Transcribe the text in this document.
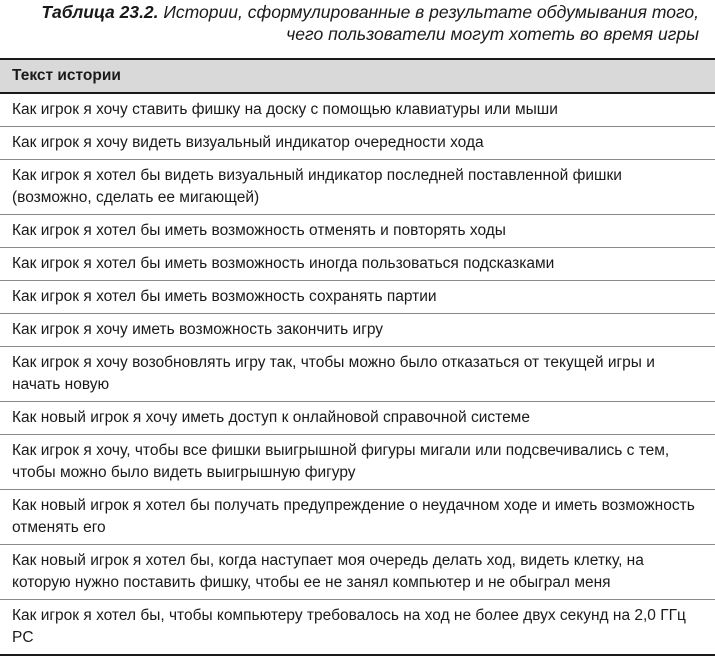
Таблица 23.2. Истории, сформулированные в результате обдумывания того,
чего пользователи могут хотеть во время игры
Текст истории
Как игрок я хочу ставить фишку на доску с помощью клавиатуры или мыши
Как игрок я хочу видеть визуальный индикатор очередности хода
Как игрок я хотел бы видеть визуальный индикатор последней поставленной фишки (возможно, сделать ее мигающей)
Как игрок я хотел бы иметь возможность отменять и повторять ходы
Как игрок я хотел бы иметь возможность иногда пользоваться подсказками
Как игрок я хотел бы иметь возможность сохранять партии
Как игрок я хочу иметь возможность закончить игру
Как игрок я хочу возобновлять игру так, чтобы можно было отказаться от текущей игры и начать новую
Как новый игрок я хочу иметь доступ к онлайновой справочной системе
Как игрок я хочу, чтобы все фишки выигрышной фигуры мигали или подсвечивались с тем, чтобы можно было видеть выигрышную фигуру
Как новый игрок я хотел бы получать предупреждение о неудачном ходе и иметь возможность отменять его
Как новый игрок я хотел бы, когда наступает моя очередь делать ход, видеть клетку, на которую нужно поставить фишку, чтобы ее не занял компьютер и не обыграл меня
Как игрок я хотел бы, чтобы компьютеру требовалось на ход не более двух секунд на 2,0 ГГц PC
